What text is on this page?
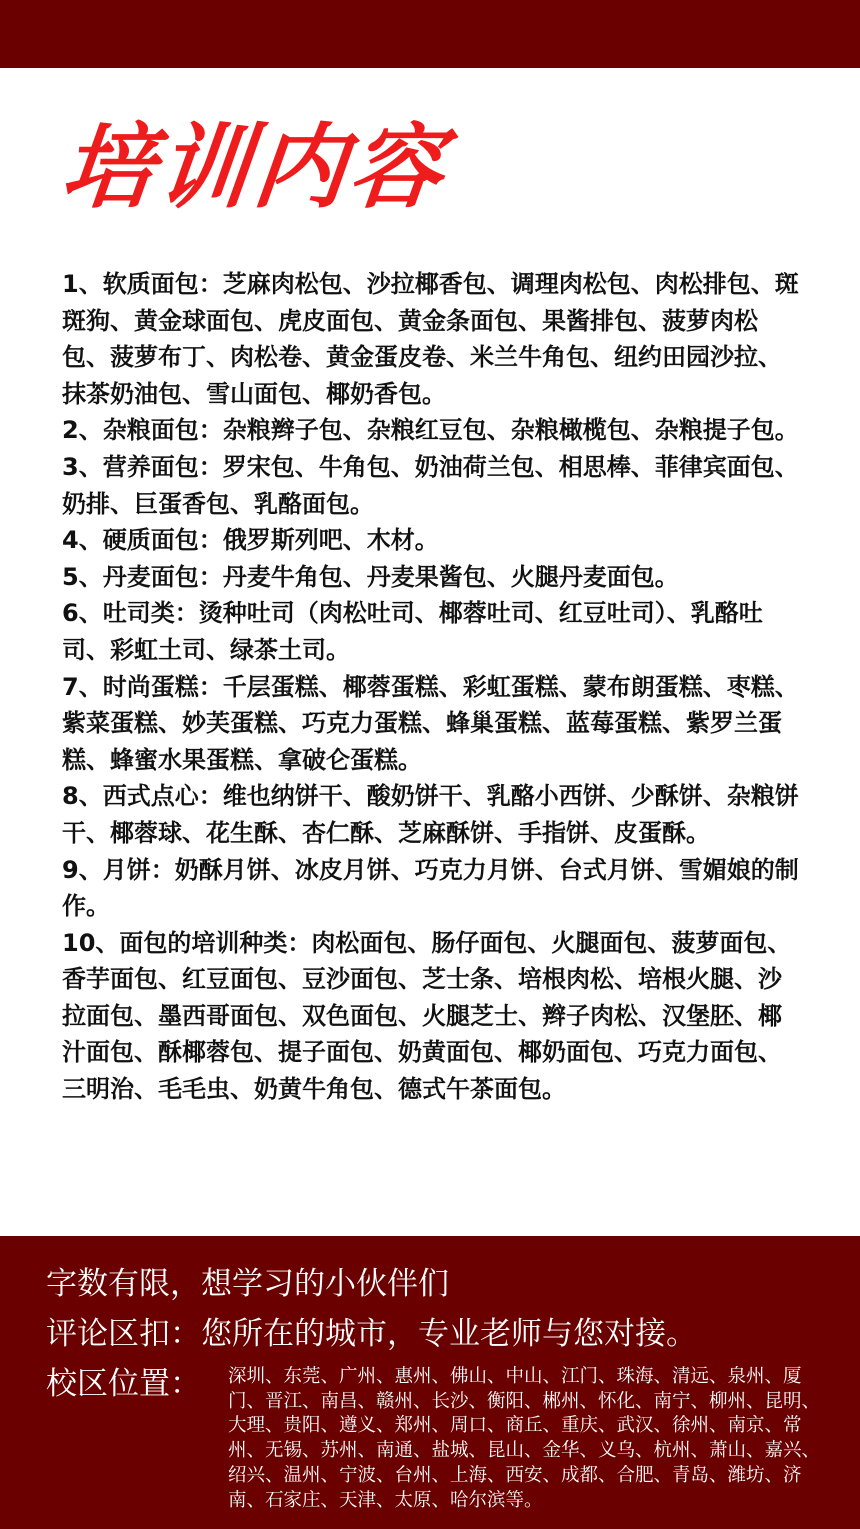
培训内容

1、软质面包：芝麻肉松包、沙拉椰香包、调理肉松包、肉松排包、斑斑狗、黄金球面包、虎皮面包、黄金条面包、果酱排包、菠萝肉松包、菠萝布丁、肉松卷、黄金蛋皮卷、米兰牛角包、纽约田园沙拉、抹茶奶油包、雪山面包、椰奶香包。

2、杂粮面包：杂粮辫子包、杂粮红豆包、杂粮橄榄包、杂粮提子包。

3、营养面包：罗宋包、牛角包、奶油荷兰包、相思棒、菲律宾面包、奶排、巨蛋香包、乳酪面包。

4、硬质面包：俄罗斯列吧、木材。

5、丹麦面包：丹麦牛角包、丹麦果酱包、火腿丹麦面包。

6、吐司类：烫种吐司（肉松吐司、椰蓉吐司、红豆吐司）、乳酪吐司、彩虹土司、绿茶土司。

7、时尚蛋糕：千层蛋糕、椰蓉蛋糕、彩虹蛋糕、蒙布朗蛋糕、枣糕、紫菜蛋糕、妙芙蛋糕、巧克力蛋糕、蜂巢蛋糕、蓝莓蛋糕、紫罗兰蛋糕、蜂蜜水果蛋糕、拿破仑蛋糕。

8、西式点心：维也纳饼干、酸奶饼干、乳酪小西饼、少酥饼、杂粮饼干、椰蓉球、花生酥、杏仁酥、芝麻酥饼、手指饼、皮蛋酥。

9、月饼：奶酥月饼、冰皮月饼、巧克力月饼、台式月饼、雪媚娘的制作。

10、面包的培训种类：肉松面包、肠仔面包、火腿面包、菠萝面包、香芋面包、红豆面包、豆沙面包、芝士条、培根肉松、培根火腿、沙拉面包、墨西哥面包、双色面包、火腿芝士、辫子肉松、汉堡胚、椰汁面包、酥椰蓉包、提子面包、奶黄面包、椰奶面包、巧克力面包、三明治、毛毛虫、奶黄牛角包、德式午茶面包。

字数有限，想学习的小伙伴们
评论区扣：您所在的城市，专业老师与您对接。
校区位置： 深圳、东莞、广州、惠州、佛山、中山、江门、珠海、清远、泉州、厦门、晋江、南昌、赣州、长沙、衡阳、郴州、怀化、南宁、柳州、昆明、大理、贵阳、遵义、郑州、周口、商丘、重庆、武汉、徐州、南京、常州、无锡、苏州、南通、盐城、昆山、金华、义乌、杭州、萧山、嘉兴、绍兴、温州、宁波、台州、上海、西安、成都、合肥、青岛、潍坊、济南、石家庄、天津、太原、哈尔滨等。
